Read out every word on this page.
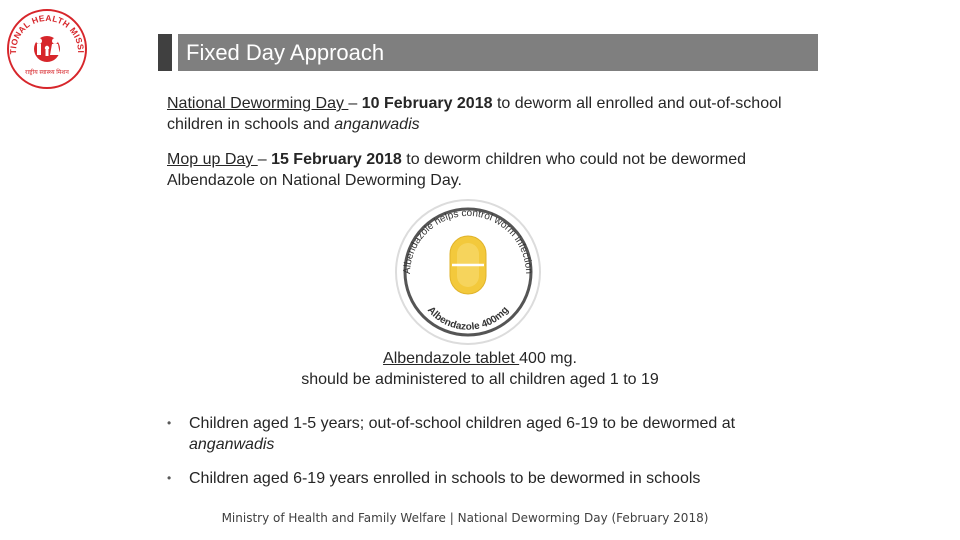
TIONAL HEALTH MISSI
राष्ट्रीय स्वास्थ्य मिशन
Fixed Day Approach
National Deworming Day – 10 February 2018 to deworm all enrolled and out-of-school children in schools and anganwadis
Mop up Day – 15 February 2018 to deworm children who could not be dewormed Albendazole on National Deworming Day.
Albendazole helps control worm infection
Albendazole 400mg
Albendazole tablet 400 mg.
should be administered to all children aged 1 to 19
• Children aged 1-5 years; out-of-school children aged 6-19 to be dewormed at anganwadis
• Children aged 6-19 years enrolled in schools to be dewormed in schools
Ministry of Health and Family Welfare | National Deworming Day (February 2018)
